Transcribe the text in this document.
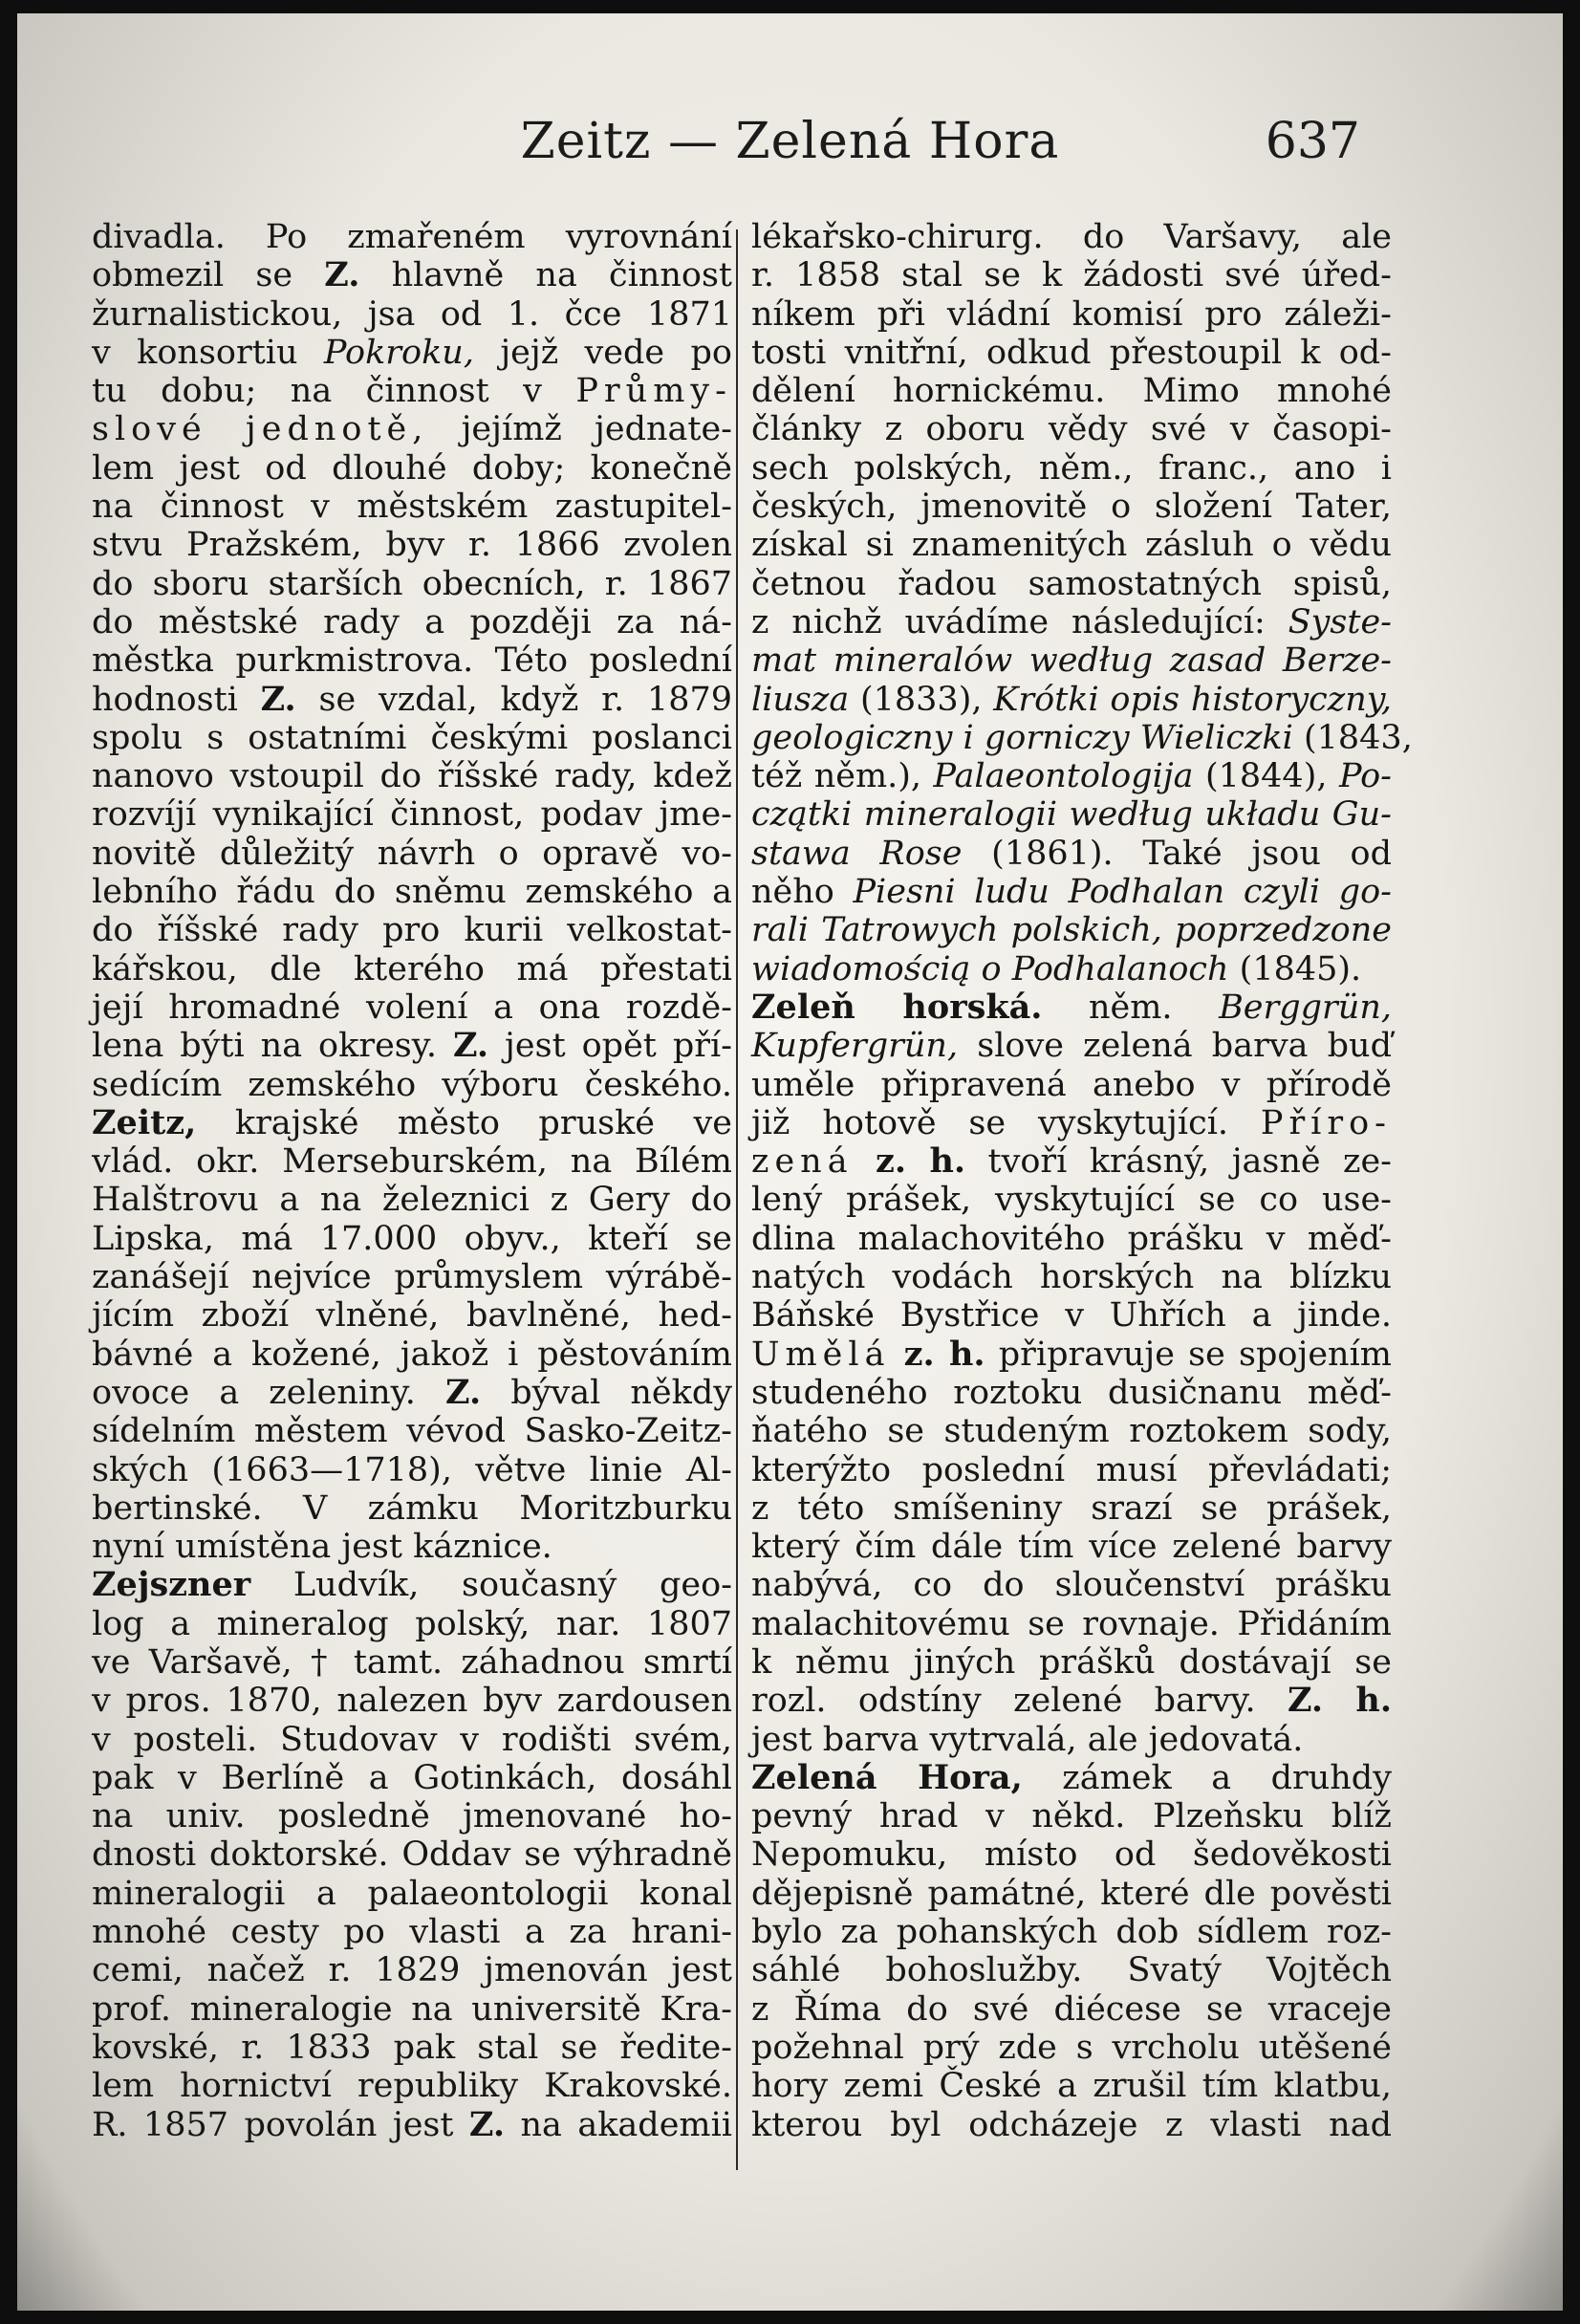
Zeitz — Zelená Hora	637
divadla. Po zmařeném vyrovnání
obmezil se Z. hlavně na činnost
žurnalistickou, jsa od 1. čce 1871
v konsortiu Pokroku, jejž vede po
tu dobu; na činnost v Průmy-
slové jednotě, jejímž jednate-
lem jest od dlouhé doby; konečně
na činnost v městském zastupitel-
stvu Pražském, byv r. 1866 zvolen
do sboru starších obecních, r. 1867
do městské rady a později za ná-
městka purkmistrova. Této poslední
hodnosti Z. se vzdal, když r. 1879
spolu s ostatními českými poslanci
nanovo vstoupil do říšské rady, kdež
rozvíjí vynikající činnost, podav jme-
novitě důležitý návrh o opravě vo-
lebního řádu do sněmu zemského a
do říšské rady pro kurii velkostat-
kářskou, dle kterého má přestati
její hromadné volení a ona rozdě-
lena býti na okresy. Z. jest opět pří-
sedícím zemského výboru českého.
Zeitz, krajské město pruské ve
vlád. okr. Merseburském, na Bílém
Halštrovu a na železnici z Gery do
Lipska, má 17.000 obyv., kteří se
zanášejí nejvíce průmyslem výrábě-
jícím zboží vlněné, bavlněné, hed-
bávné a kožené, jakož i pěstováním
ovoce a zeleniny. Z. býval někdy
sídelním městem vévod Sasko-Zeitz-
ských (1663—1718), větve linie Al-
bertinské. V zámku Moritzburku
nyní umístěna jest káznice.
Zejszner Ludvík, současný geo-
log a mineralog polský, nar. 1807
ve Varšavě, † tamt. záhadnou smrtí
v pros. 1870, nalezen byv zardousen
v posteli. Studovav v rodišti svém,
pak v Berlíně a Gotinkách, dosáhl
na univ. posledně jmenované ho-
dnosti doktorské. Oddav se výhradně
mineralogii a palaeontologii konal
mnohé cesty po vlasti a za hrani-
cemi, načež r. 1829 jmenován jest
prof. mineralogie na universitě Kra-
kovské, r. 1833 pak stal se ředite-
lem hornictví republiky Krakovské.
R. 1857 povolán jest Z. na akademii
lékařsko-chirurg. do Varšavy, ale
r. 1858 stal se k žádosti své úřed-
níkem při vládní komisí pro záleži-
tosti vnitřní, odkud přestoupil k od-
dělení hornickému. Mimo mnohé
články z oboru vědy své v časopi-
sech polských, něm., franc., ano i
českých, jmenovitě o složení Tater,
získal si znamenitých zásluh o vědu
četnou řadou samostatných spisů,
z nichž uvádíme následující: Syste-
mat mineralów według zasad Berze-
liusza (1833), Krótki opis historyczny,
geologiczny i gorniczy Wieliczki (1843,
též něm.), Palaeontologija (1844), Po-
czątki mineralogii według układu Gu-
stawa Rose (1861). Také jsou od
něho Piesni ludu Podhalan czyli go-
rali Tatrowych polskich, poprzedzone
wiadomością o Podhalanoch (1845).
Zeleň horská. něm. Berggrün,
Kupfergrün, slove zelená barva buď
uměle připravená anebo v přírodě
již hotově se vyskytující. Příro-
zená z. h. tvoří krásný, jasně ze-
lený prášek, vyskytující se co use-
dlina malachovitého prášku v měď-
natých vodách horských na blízku
Báňské Bystřice v Uhřích a jinde.
Umělá z. h. připravuje se spojením
studeného roztoku dusičnanu měď-
ňatého se studeným roztokem sody,
kterýžto poslední musí převládati;
z této smíšeniny srazí se prášek,
který čím dále tím více zelené barvy
nabývá, co do sloučenství prášku
malachitovému se rovnaje. Přidáním
k němu jiných prášků dostávají se
rozl. odstíny zelené barvy. Z. h.
jest barva vytrvalá, ale jedovatá.
Zelená Hora, zámek a druhdy
pevný hrad v někd. Plzeňsku blíž
Nepomuku, místo od šedověkosti
dějepisně památné, které dle pověsti
bylo za pohanských dob sídlem roz-
sáhlé bohoslužby. Svatý Vojtěch
z Říma do své diécese se vraceje
požehnal prý zde s vrcholu utěšené
hory zemi České a zrušil tím klatbu,
kterou byl odcházeje z vlasti nad
